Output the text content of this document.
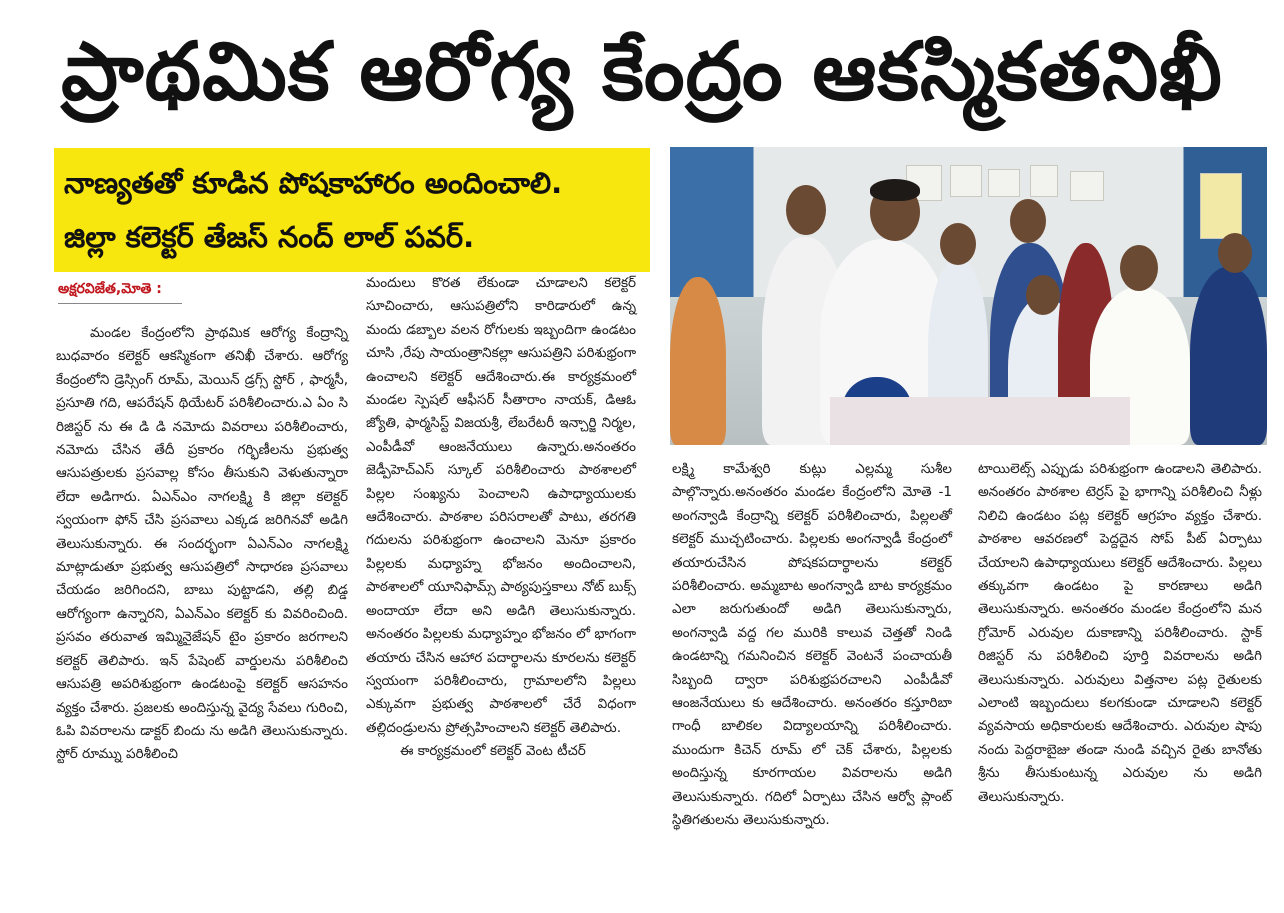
ప్రాథమిక ఆరోగ్య కేంద్రం ఆకస్మికతనిఖీ
నాణ్యతతో కూడిన పోషకాహారం అందించాలి.
జిల్లా కలెక్టర్ తేజస్ నంద్ లాల్ పవర్.
అక్షరవిజేత,మోతె :

మండల కేంద్రంలోని ప్రాథమిక ఆరోగ్య కేంద్రాన్ని బుధవారం కలెక్టర్ ఆకస్మికంగా తనిఖీ చేశారు. ఆరోగ్య కేంద్రంలోని డ్రెస్సింగ్ రూమ్, మెయిన్ డ్రగ్స్ స్టోర్ , ఫార్మసీ, ప్రసూతి గది, ఆపరేషన్ థియేటర్ పరిశీలించారు.ఎ ఏం సి రిజిస్టర్ ను ఈ డి డి నమోదు వివరాలు పరిశీలించారు, నమోదు చేసిన తేదీ ప్రకారం గర్భిణీలను ప్రభుత్వ ఆసుపత్రులకు ప్రసవాల్ల కోసం తీసుకుని వెళుతున్నారా లేదా అడిగారు. ఏఎన్ఎం నాగలక్ష్మి కి జిల్లా కలెక్టర్ స్వయంగా ఫోన్ చేసి ప్రసవాలు ఎక్కడ జరిగినవో అడిగి తెలుసుకున్నారు. ఈ సందర్భంగా ఏఎన్ఎం నాగలక్ష్మి మాట్లాడుతూ ప్రభుత్వ ఆసుపత్రిలో సాధారణ ప్రసవాలు చేయడం జరిగిందని, బాబు పుట్టాడని, తల్లి బిడ్డ ఆరోగ్యంగా ఉన్నారని, ఏఎన్ఎం కలెక్టర్ కు వివరించింది. ప్రసవం తరువాత ఇమ్మినైజేషన్ టైం ప్రకారం జరగాలని కలెక్టర్ తెలిపారు. ఇన్ పేషెంట్ వార్డులను పరిశీలించి ఆసుపత్రి అపరిశుభ్రంగా ఉండటంపై కలెక్టర్ ఆసహనం వ్యక్తం చేశారు. ప్రజలకు అందిస్తున్న వైద్య సేవలు గురించి, ఓపి వివరాలను డాక్టర్ బిందు ను అడిగి తెలుసుకున్నారు. స్టోర్ రూమ్ను పరిశీలించి

మందులు కొరత లేకుండా చూడాలని కలెక్టర్ సూచించారు, ఆసుపత్రిలోని కారిడారులో ఉన్న మందు డబ్బాల వలన రోగులకు ఇబ్బందిగా ఉండటం చూసి ,రేపు సాయంత్రానికల్లా ఆసుపత్రిని పరిశుభ్రంగా ఉంచాలని కలెక్టర్ ఆదేశించారు.ఈ కార్యక్రమంలో మండల స్పెషల్ ఆఫీసర్ సీతారాం నాయక్, డిఆఓ జ్యోతి, ఫార్మసిస్ట్ విజయశ్రీ, లేబరేటరీ ఇన్చార్జి నిర్మల, ఎంపీడీవో ఆంజనేయులు ఉన్నారు.అనంతరం జెడ్పీహెచ్ఎస్ స్కూల్ పరిశీలించారు పాఠశాలలో పిల్లల సంఖ్యను పెంచాలని ఉపాధ్యాయులకు ఆదేశించారు. పాఠశాల పరిసరాలతో పాటు, తరగతి గదులను పరిశుభ్రంగా ఉంచాలని మెనూ ప్రకారం పిల్లలకు మధ్యాహ్న భోజనం అందించాలని, పాఠశాలలో యూనిఫామ్స్ పాఠ్యపుస్తకాలు నోట్ బుక్స్ అందాయా లేదా అని అడిగి తెలుసుకున్నారు. అనంతరం పిల్లలకు మధ్యాహ్నం భోజనం లో భాగంగా తయారు చేసిన ఆహార పదార్థాలను కూరలను కలెక్టర్ స్వయంగా పరిశీలించారు, గ్రామాలలోని పిల్లలు ఎక్కువగా ప్రభుత్వ పాఠశాలలో చేరే విధంగా తల్లిదండ్రులను ప్రోత్సహించాలని కలెక్టర్ తెలిపారు.

ఈ కార్యక్రమంలో కలెక్టర్ వెంట టీచర్

లక్ష్మి కామేశ్వరి కుట్లు ఎల్లమ్మ సుశీల పాల్గొన్నారు.అనంతరం మండల కేంద్రంలోని మోతె -1 అంగన్వాడి కేంద్రాన్ని కలెక్టర్ పరిశీలించారు, పిల్లలతో కలెక్టర్ ముచ్చటించారు. పిల్లలకు అంగన్వాడీ కేంద్రంలో తయారుచేసిన పోషకపదార్థాలను కలెక్టర్ పరిశీలించారు. అమ్మబాట అంగన్వాడి బాట కార్యక్రమం ఎలా జరుగుతుందో అడిగి తెలుసుకున్నారు, అంగన్వాడి వద్ద గల మురికి కాలువ చెత్తతో నిండి ఉండటాన్ని గమనించిన కలెక్టర్ వెంటనే పంచాయతీ సిబ్బంది ద్వారా పరిశుభ్రపరచాలని ఎంపీడీవో ఆంజనేయులు కు ఆదేశించారు. అనంతరం కస్తూరిబా గాంధీ బాలికల విద్యాలయాన్ని పరిశీలించారు. ముందుగా కిచెన్ రూమ్ లో చెక్ చేశారు, పిల్లలకు అందిస్తున్న కూరగాయల వివరాలను అడిగి తెలుసుకున్నారు. గదిలో ఏర్పాటు చేసిన ఆర్వో ప్లాంట్ స్థితిగతులను తెలుసుకున్నారు.

టాయిలెట్స్ ఎప్పుడు పరిశుభ్రంగా ఉండాలని తెలిపారు. అనంతరం పాఠశాల టెర్రస్ పై భాగాన్ని పరిశీలించి నీళ్లు నిలిచి ఉండటం పట్ల కలెక్టర్ ఆగ్రహం వ్యక్తం చేశారు. పాఠశాల ఆవరణలో పెద్దదైన సోప్ పీట్ ఏర్పాటు చేయాలని ఉపాధ్యాయులు కలెక్టర్ ఆదేశించారు. పిల్లలు తక్కువగా ఉండటం పై కారణాలు అడిగి తెలుసుకున్నారు. అనంతరం మండల కేంద్రంలోని మన గ్రోమోర్ ఎరువుల దుకాణాన్ని పరిశీలించారు. స్టాక్ రిజిస్టర్ ను పరిశీలించి పూర్తి వివరాలను అడిగి తెలుసుకున్నారు. ఎరువులు విత్తనాల పట్ల రైతులకు ఎలాంటి ఇబ్బందులు కలగకుండా చూడాలని కలెక్టర్ వ్యవసాయ అధికారులకు ఆదేశించారు. ఎరువుల షాపు నందు పెద్దరాబైజు తండా నుండి వచ్చిన రైతు బానోతు శ్రీను తీసుకుంటున్న ఎరువుల ను అడిగి తెలుసుకున్నారు.
